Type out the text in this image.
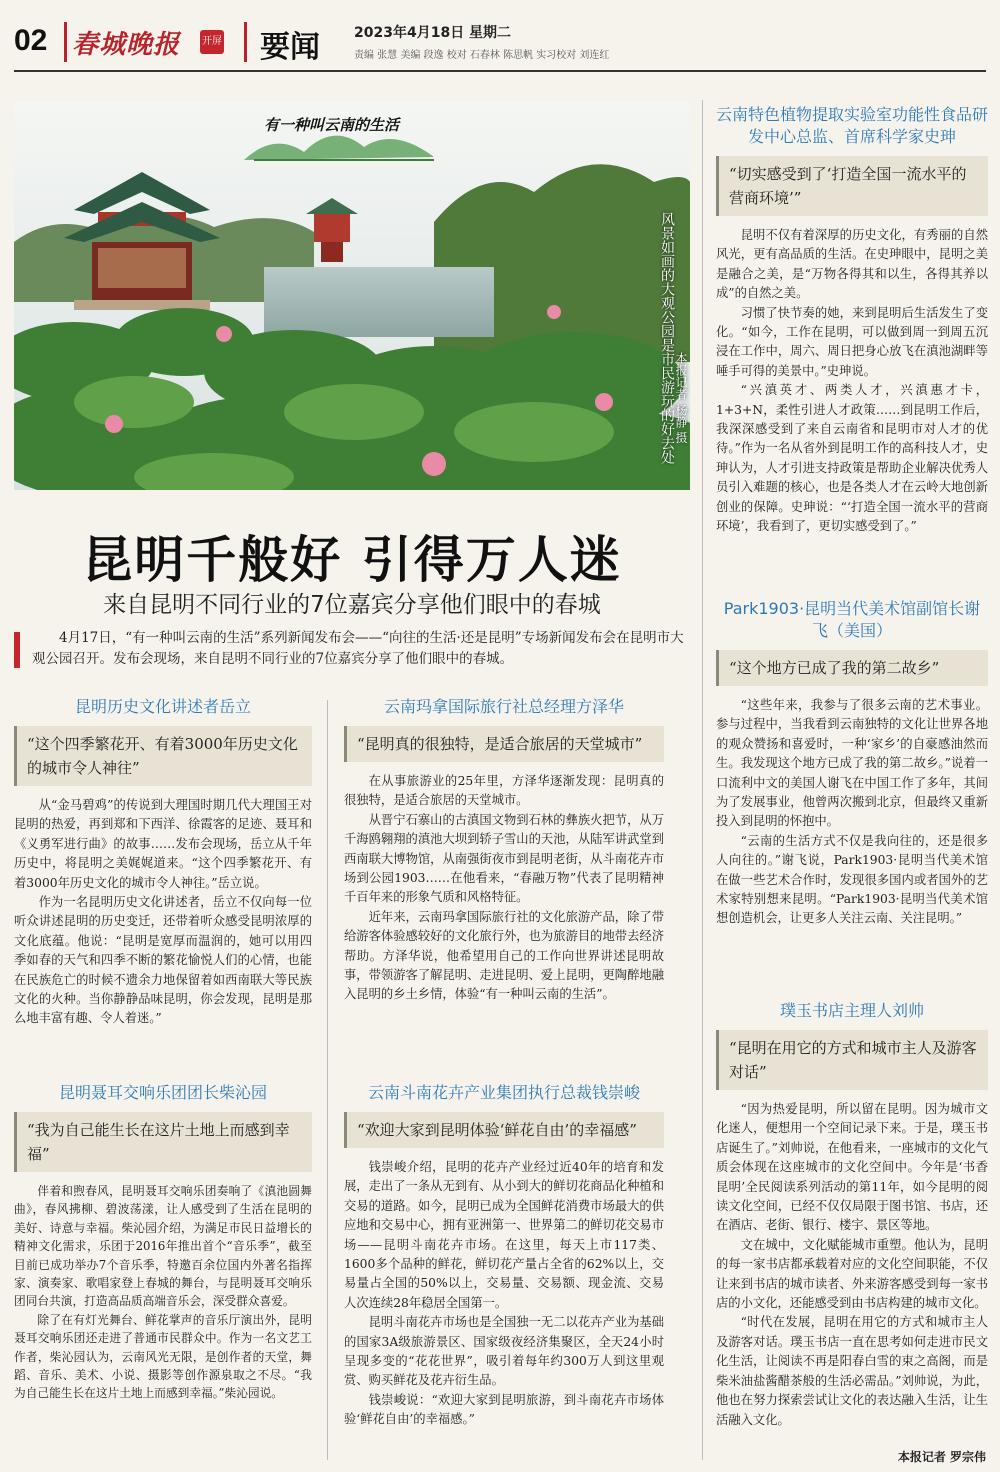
02 春城晚报 开屏 要闻 2023年4月18日 星期二
责编 张慧 美编 段逸 校对 石春林 陈思帆 实习校对 刘连红
有一种叫云南的生活
风景如画的大观公园是市民游玩的好去处 本报记者 杨静 摄
昆明千般好 引得万人迷
来自昆明不同行业的7位嘉宾分享他们眼中的春城
4月17日，“有一种叫云南的生活”系列新闻发布会——“向往的生活·还是昆明”专场新闻发布会在昆明市大观公园召开。发布会现场，来自昆明不同行业的7位嘉宾分享了他们眼中的春城。
昆明历史文化讲述者岳立
“这个四季繁花开、有着3000年历史文化的城市令人神往”

从“金马碧鸡”的传说到大理国时期几代大理国王对昆明的热爱，再到郑和下西洋、徐霞客的足迹、聂耳和《义勇军进行曲》的故事……发布会现场，岳立从千年历史中，将昆明之美娓娓道来。“这个四季繁花开、有着3000年历史文化的城市令人神往。”岳立说。

作为一名昆明历史文化讲述者，岳立不仅向每一位听众讲述昆明的历史变迁，还带着听众感受昆明浓厚的文化底蕴。他说：“昆明是宽厚而温润的，她可以用四季如春的天气和四季不断的繁花愉悦人们的心情，也能在民族危亡的时候不遗余力地保留着如西南联大等民族文化的火种。当你静静品味昆明，你会发现，昆明是那么地丰富有趣、令人着迷。”

昆明聂耳交响乐团团长柴沁园
“我为自己能生长在这片土地上而感到幸福”

伴着和煦春风，昆明聂耳交响乐团奏响了《滇池圆舞曲》，春风拂柳、碧波荡漾，让人感受到了生活在昆明的美好、诗意与幸福。柴沁园介绍，为满足市民日益增长的精神文化需求，乐团于2016年推出首个“音乐季”，截至目前已成功举办7个音乐季，特邀百余位国内外著名指挥家、演奏家、歌唱家登上春城的舞台，与昆明聂耳交响乐团同台共演，打造高品质高端音乐会，深受群众喜爱。

除了在有灯光舞台、鲜花掌声的音乐厅演出外，昆明聂耳交响乐团还走进了普通市民群众中。作为一名文艺工作者，柴沁园认为，云南风光无限，是创作者的天堂，舞蹈、音乐、美术、小说、摄影等创作源泉取之不尽。“我为自己能生长在这片土地上而感到幸福。”柴沁园说。

云南玛拿国际旅行社总经理方泽华
“昆明真的很独特，是适合旅居的天堂城市”

在从事旅游业的25年里，方泽华逐渐发现：昆明真的很独特，是适合旅居的天堂城市。

从晋宁石寨山的古滇国文物到石林的彝族火把节，从万千海鸥翱翔的滇池大坝到轿子雪山的天池，从陆军讲武堂到西南联大博物馆，从南强街夜市到昆明老街，从斗南花卉市场到公园1903……在他看来，“春融万物”代表了昆明精神千百年来的形象气质和风格特征。

近年来，云南玛拿国际旅行社的文化旅游产品，除了带给游客体验感较好的文化旅行外，也为旅游目的地带去经济帮助。方泽华说，他希望用自己的工作向世界讲述昆明故事，带领游客了解昆明、走进昆明、爱上昆明，更陶醉地融入昆明的乡土乡情，体验“有一种叫云南的生活”。

云南斗南花卉产业集团执行总裁钱崇峻
“欢迎大家到昆明体验‘鲜花自由’的幸福感”

钱崇峻介绍，昆明的花卉产业经过近40年的培育和发展，走出了一条从无到有、从小到大的鲜切花商品化种植和交易的道路。如今，昆明已成为全国鲜花消费市场最大的供应地和交易中心，拥有亚洲第一、世界第二的鲜切花交易市场——昆明斗南花卉市场。在这里，每天上市117类、1600多个品种的鲜花，鲜切花产量占全省的62%以上，交易量占全国的50%以上，交易量、交易额、现金流、交易人次连续28年稳居全国第一。

昆明斗南花卉市场也是全国独一无二以花卉产业为基础的国家3A级旅游景区、国家级夜经济集聚区，全天24小时呈现多变的“花花世界”，吸引着每年约300万人到这里观赏、购买鲜花及花卉衍生品。

钱崇峻说：“欢迎大家到昆明旅游，到斗南花卉市场体验‘鲜花自由’的幸福感。”

云南特色植物提取实验室功能性食品研发中心总监、首席科学家史珅
“切实感受到了‘打造全国一流水平的营商环境’”

昆明不仅有着深厚的历史文化，有秀丽的自然风光，更有高品质的生活。在史珅眼中，昆明之美是融合之美，是“万物各得其和以生，各得其养以成”的自然之美。

习惯了快节奏的她，来到昆明后生活发生了变化。“如今，工作在昆明，可以做到周一到周五沉浸在工作中，周六、周日把身心放飞在滇池湖畔等唾手可得的美景中。”史珅说。

“兴滇英才、两类人才，兴滇惠才卡，1+3+N，柔性引进人才政策……到昆明工作后，我深深感受到了来自云南省和昆明市对人才的优待。”作为一名从省外到昆明工作的高科技人才，史珅认为，人才引进支持政策是帮助企业解决优秀人员引入难题的核心，也是各类人才在云岭大地创新创业的保障。史珅说：“‘打造全国一流水平的营商环境’，我看到了，更切实感受到了。”

Park1903·昆明当代美术馆副馆长谢飞（美国）
“这个地方已成了我的第二故乡”

“这些年来，我参与了很多云南的艺术事业。参与过程中，当我看到云南独特的文化让世界各地的观众赞扬和喜爱时，一种‘家乡’的自豪感油然而生。我发现这个地方已成了我的第二故乡。”说着一口流利中文的美国人谢飞在中国工作了多年，其间为了发展事业，他曾两次搬到北京，但最终又重新投入到昆明的怀抱中。

“云南的生活方式不仅是我向往的，还是很多人向往的。”谢飞说，Park1903·昆明当代美术馆在做一些艺术合作时，发现很多国内或者国外的艺术家特别想来昆明。“Park1903·昆明当代美术馆想创造机会，让更多人关注云南、关注昆明。”

璞玉书店主理人刘帅
“昆明在用它的方式和城市主人及游客对话”

“因为热爱昆明，所以留在昆明。因为城市文化迷人，便想用一个空间记录下来。于是，璞玉书店诞生了。”刘帅说，在他看来，一座城市的文化气质会体现在这座城市的文化空间中。今年是‘书香昆明’全民阅读系列活动的第11年，如今昆明的阅读文化空间，已经不仅仅局限于图书馆、书店，还在酒店、老街、银行、楼宇、景区等地。

文在城中，文化赋能城市重塑。他认为，昆明的每一家书店都承载着对应的文化空间职能，不仅让来到书店的城市读者、外来游客感受到每一家书店的小文化，还能感受到由书店构建的城市文化。

“时代在发展，昆明在用它的方式和城市主人及游客对话。璞玉书店一直在思考如何走进市民文化生活，让阅读不再是阳春白雪的束之高阁，而是柴米油盐酱醋茶般的生活必需品。”刘帅说，为此，他也在努力探索尝试让文化的表达融入生活，让生活融入文化。

本报记者 罗宗伟
